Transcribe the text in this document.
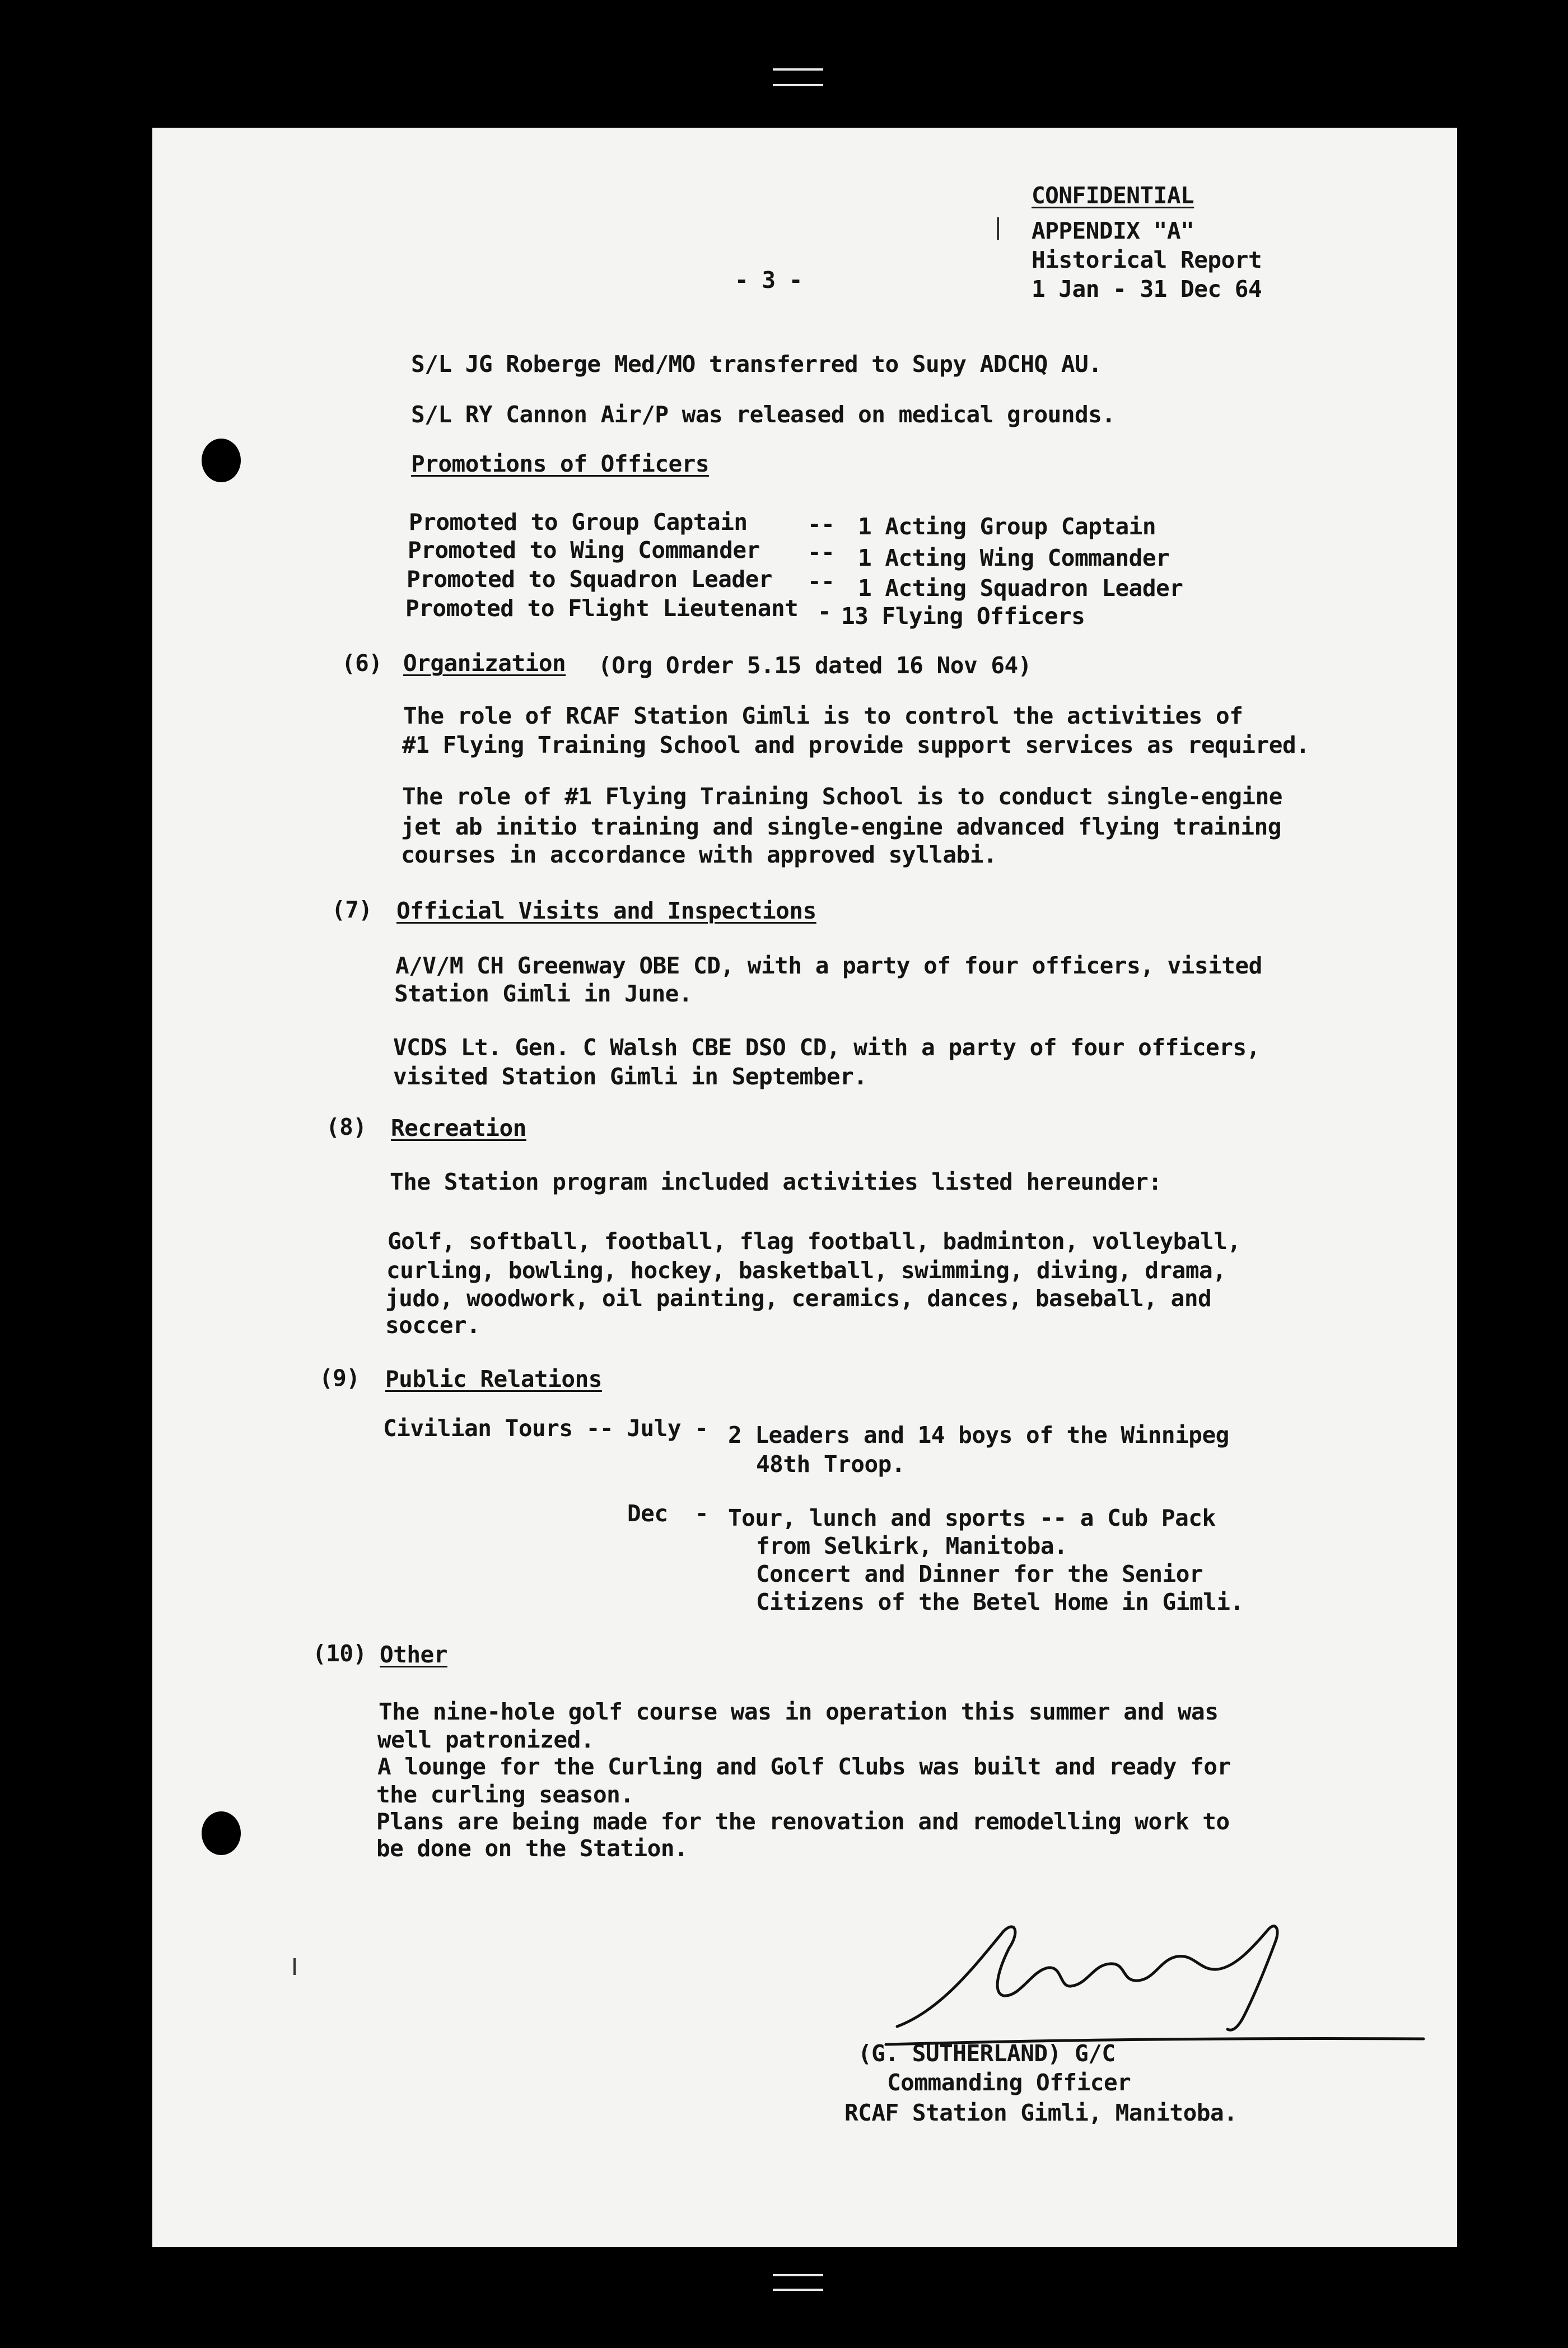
CONFIDENTIAL

APPENDIX "A"

Historical Report

1 Jan - 31 Dec 64

- 3 -

S/L JG Roberge Med/MO transferred to Supy ADCHQ AU.

S/L RY Cannon Air/P was released on medical grounds.

Promotions of Officers

Promoted to Group Captain	-- 1 Acting Group Captain

Promoted to Wing Commander -- 1 Acting Wing Commander

Promoted to Squadron Leader -- 1 Acting Squadron Leader

Promoted to Flight Lieutenant - 13 Flying Officers

(6) Organization (Org Order 5.15 dated 16 Nov 64)

The role of RCAF Station Gimli is to control the activities of

#1 Flying Training School and provide support services as required.

The role of #1 Flying Training School is to conduct single-engine

jet ab initio training and single-engine advanced flying training

courses in accordance with approved syllabi.

(7) Official Visits and Inspections

A/V/M CH Greenway OBE CD, with a party of four officers, visited

Station Gimli in June.

VCDS Lt. Gen. C Walsh CBE DSO CD, with a party of four officers,

visited Station Gimli in September.

(8) Recreation

The Station program included activities listed hereunder:

Golf, softball, football, flag football, badminton, volleyball,

curling, bowling, hockey, basketball, swimming, diving, drama,

judo, woodwork, oil painting, ceramics, dances, baseball, and

soccer.

(9) Public Relations

Civilian Tours -- July - 2 Leaders and 14 boys of the Winnipeg

48th Troop.

Dec  - Tour, lunch and sports -- a Cub Pack

from Selkirk, Manitoba.

Concert and Dinner for the Senior

Citizens of the Betel Home in Gimli.

(10) Other

The nine-hole golf course was in operation this summer and was

well patronized.

A lounge for the Curling and Golf Clubs was built and ready for

the curling season.

Plans are being made for the renovation and remodelling work to

be done on the Station.

(G. SUTHERLAND) G/C

Commanding Officer

RCAF Station Gimli, Manitoba.
